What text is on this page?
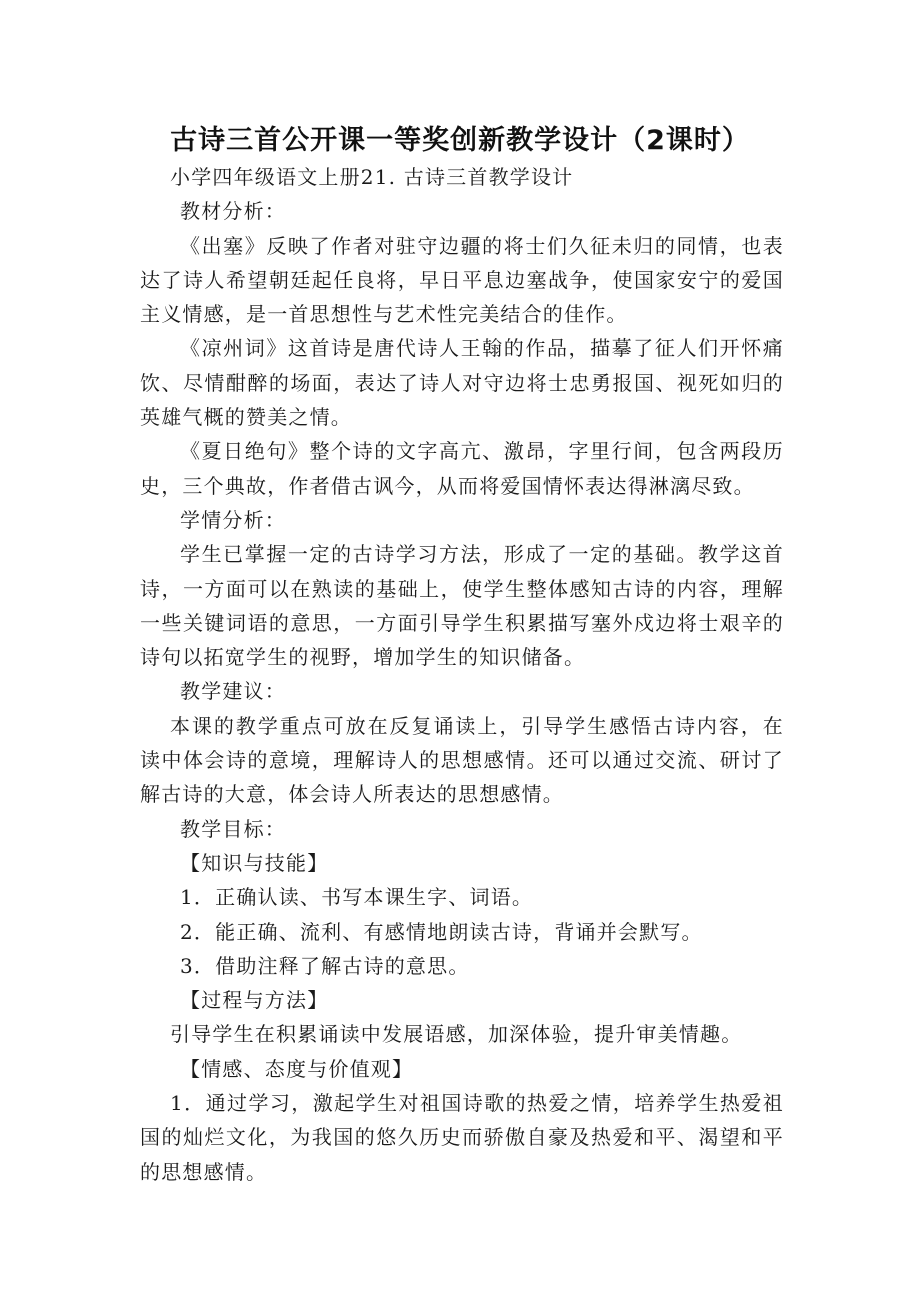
古诗三首公开课一等奖创新教学设计（2课时）

小学四年级语文上册21. 古诗三首教学设计

教材分析：

《出塞》反映了作者对驻守边疆的将士们久征未归的同情，也表达了诗人希望朝廷起任良将，早日平息边塞战争，使国家安宁的爱国主义情感，是一首思想性与艺术性完美结合的佳作。

《凉州词》这首诗是唐代诗人王翰的作品，描摹了征人们开怀痛饮、尽情酣醉的场面，表达了诗人对守边将士忠勇报国、视死如归的英雄气概的赞美之情。

《夏日绝句》整个诗的文字高亢、激昂，字里行间，包含两段历史，三个典故，作者借古讽今，从而将爱国情怀表达得淋漓尽致。

学情分析：

学生已掌握一定的古诗学习方法，形成了一定的基础。教学这首诗，一方面可以在熟读的基础上，使学生整体感知古诗的内容，理解一些关键词语的意思，一方面引导学生积累描写塞外戍边将士艰辛的诗句以拓宽学生的视野，增加学生的知识储备。

教学建议：

本课的教学重点可放在反复诵读上，引导学生感悟古诗内容，在读中体会诗的意境，理解诗人的思想感情。还可以通过交流、研讨了解古诗的大意，体会诗人所表达的思想感情。

教学目标：

【知识与技能】

1．正确认读、书写本课生字、词语。

2．能正确、流利、有感情地朗读古诗，背诵并会默写。

3．借助注释了解古诗的意思。

【过程与方法】

引导学生在积累诵读中发展语感，加深体验，提升审美情趣。

【情感、态度与价值观】

1．通过学习，激起学生对祖国诗歌的热爱之情，培养学生热爱祖国的灿烂文化，为我国的悠久历史而骄傲自豪及热爱和平、渴望和平的思想感情。
